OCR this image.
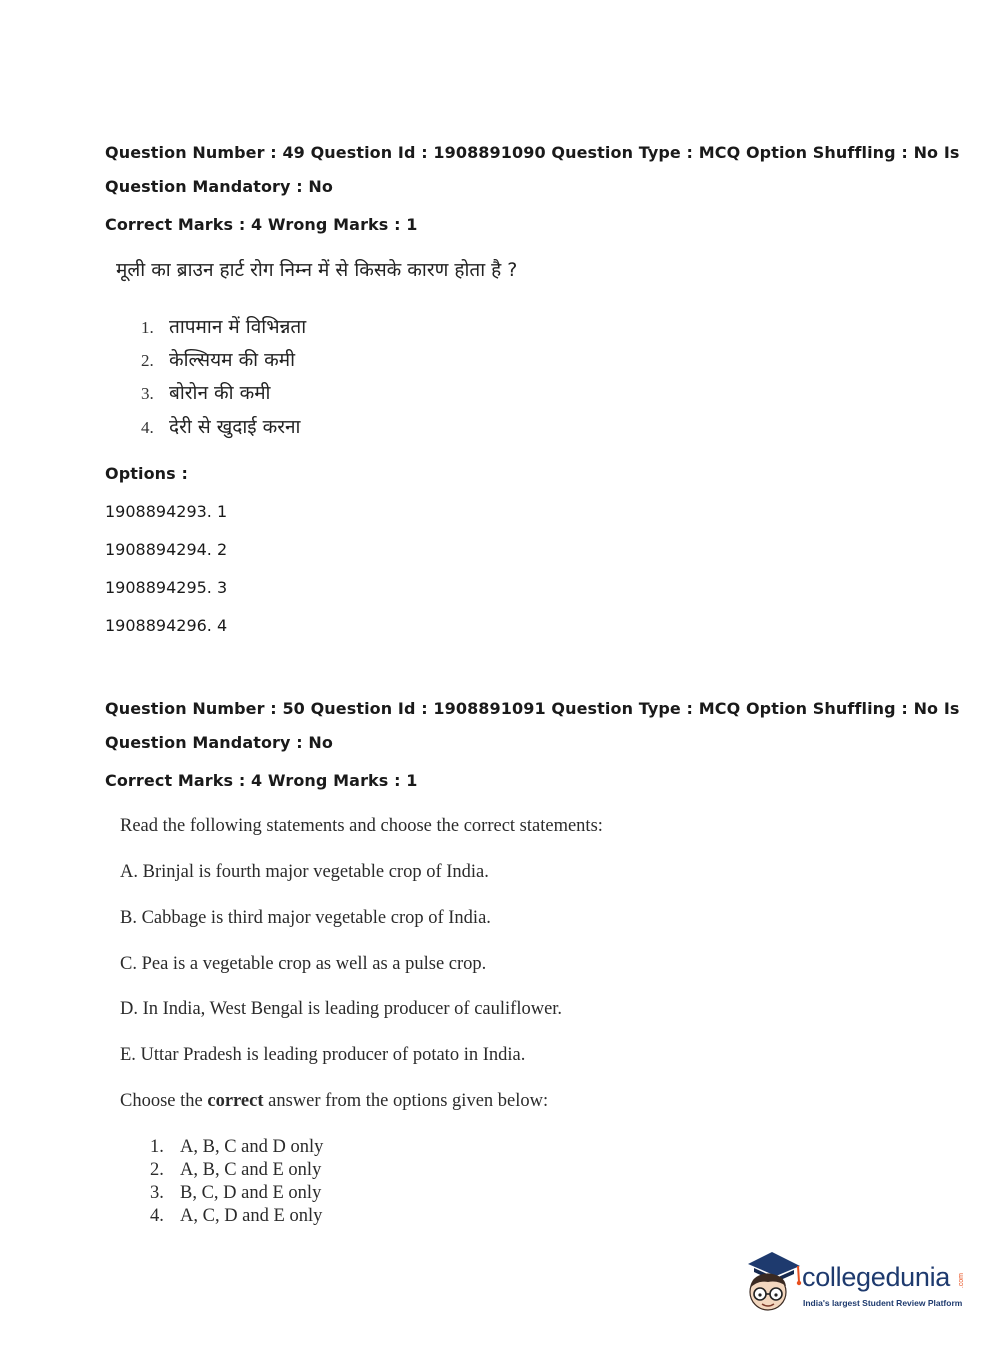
Question Number : 49 Question Id : 1908891090 Question Type : MCQ Option Shuffling : No Is
Question Mandatory : No
Correct Marks : 4 Wrong Marks : 1
मूली का ब्राउन हार्ट रोग निम्न में से किसके कारण होता है ?
1. तापमान में विभिन्नता
2. केल्सियम की कमी
3. बोरोन की कमी
4. देरी से खुदाई करना
Options :
1908894293. 1
1908894294. 2
1908894295. 3
1908894296. 4
Question Number : 50 Question Id : 1908891091 Question Type : MCQ Option Shuffling : No Is
Question Mandatory : No
Correct Marks : 4 Wrong Marks : 1
Read the following statements and choose the correct statements:
A. Brinjal is fourth major vegetable crop of India.
B. Cabbage is third major vegetable crop of India.
C. Pea is a vegetable crop as well as a pulse crop.
D. In India, West Bengal is leading producer of cauliflower.
E. Uttar Pradesh is leading producer of potato in India.
Choose the correct answer from the options given below:
1. A, B, C and D only
2. A, B, C and E only
3. B, C, D and E only
4. A, C, D and E only
collegedunia .com
India's largest Student Review Platform
